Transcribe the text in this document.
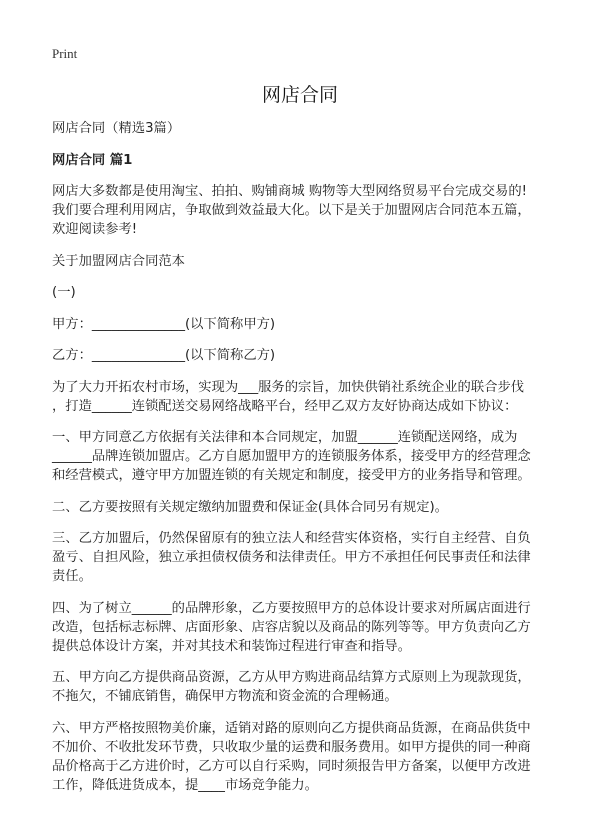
Print
网店合同
网店合同（精选3篇）
网店合同 篇1
网店大多数都是使用淘宝、拍拍、购铺商城 购物等大型网络贸易平台完成交易的!
我们要合理利用网店，争取做到效益最大化。以下是关于加盟网店合同范本五篇，
欢迎阅读参考!
关于加盟网店合同范本
(一)
甲方：______________(以下简称甲方)
乙方：______________(以下简称乙方)
为了大力开拓农村市场，实现为___服务的宗旨，加快供销社系统企业的联合步伐
，打造______连锁配送交易网络战略平台，经甲乙双方友好协商达成如下协议：
一、甲方同意乙方依据有关法律和本合同规定，加盟______连锁配送网络，成为
______品牌连锁加盟店。乙方自愿加盟甲方的连锁服务体系，接受甲方的经营理念
和经营模式，遵守甲方加盟连锁的有关规定和制度，接受甲方的业务指导和管理。
二、乙方要按照有关规定缴纳加盟费和保证金(具体合同另有规定)。
三、乙方加盟后，仍然保留原有的独立法人和经营实体资格，实行自主经营、自负
盈亏、自担风险，独立承担债权债务和法律责任。甲方不承担任何民事责任和法律
责任。
四、为了树立______的品牌形象，乙方要按照甲方的总体设计要求对所属店面进行
改造，包括标志标牌、店面形象、店容店貌以及商品的陈列等等。甲方负责向乙方
提供总体设计方案，并对其技术和装饰过程进行审查和指导。
五、甲方向乙方提供商品资源，乙方从甲方购进商品结算方式原则上为现款现货，
不拖欠，不铺底销售，确保甲方物流和资金流的合理畅通。
六、甲方严格按照物美价廉，适销对路的原则向乙方提供商品货源，在商品供货中
不加价、不收批发环节费，只收取少量的运费和服务费用。如甲方提供的同一种商
品价格高于乙方进价时，乙方可以自行采购，同时须报告甲方备案，以便甲方改进
工作，降低进货成本，提____市场竞争能力。
